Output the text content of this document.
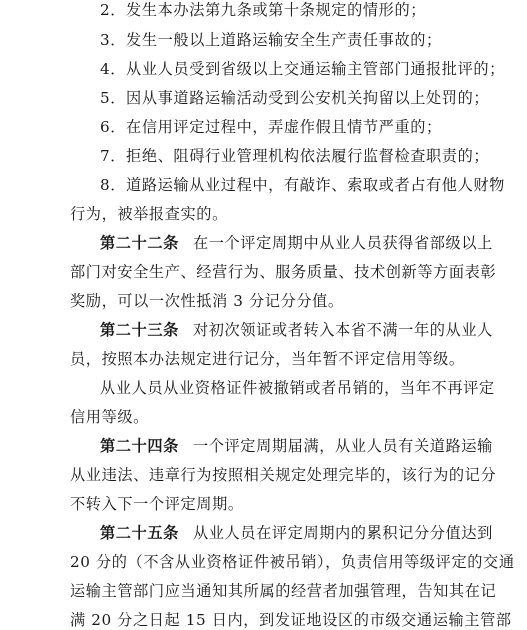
2．发生本办法第九条或第十条规定的情形的；
3．发生一般以上道路运输安全生产责任事故的；
4．从业人员受到省级以上交通运输主管部门通报批评的；
5．因从事道路运输活动受到公安机关拘留以上处罚的；
6．在信用评定过程中，弄虚作假且情节严重的；
7．拒绝、阻碍行业管理机构依法履行监督检查职责的；
8．道路运输从业过程中，有敲诈、索取或者占有他人财物
行为，被举报查实的。
第二十二条 在一个评定周期中从业人员获得省部级以上
部门对安全生产、经营行为、服务质量、技术创新等方面表彰
奖励，可以一次性抵消 3 分记分分值。
第二十三条 对初次领证或者转入本省不满一年的从业人
员，按照本办法规定进行记分，当年暂不评定信用等级。
从业人员从业资格证件被撤销或者吊销的，当年不再评定
信用等级。
第二十四条 一个评定周期届满，从业人员有关道路运输
从业违法、违章行为按照相关规定处理完毕的，该行为的记分
不转入下一个评定周期。
第二十五条 从业人员在评定周期内的累积记分分值达到
20 分的（不含从业资格证件被吊销），负责信用等级评定的交通
运输主管部门应当通知其所属的经营者加强管理，告知其在记
满 20 分之日起 15 日内，到发证地设区的市级交通运输主管部
